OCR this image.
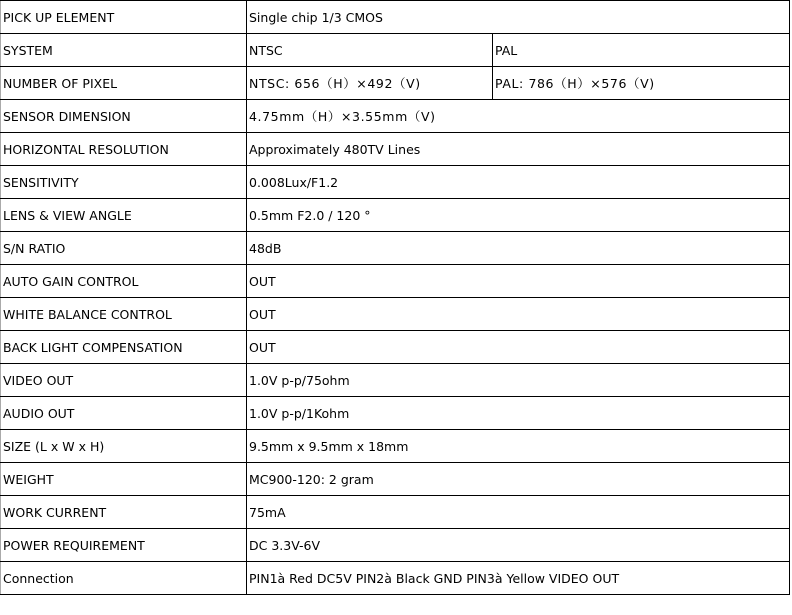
PICK UP ELEMENT	Single chip 1/3 CMOS	
SYSTEM	NTSC	PAL
NUMBER OF PIXEL	NTSC: 656（H）×492（V)	PAL: 786（H）×576（V)
SENSOR DIMENSION	4.75mm（H）×3.55mm（V)	
HORIZONTAL RESOLUTION	Approximately 480TV Lines	
SENSITIVITY	0.008Lux/F1.2	
LENS & VIEW ANGLE	0.5mm F2.0 / 120 °	
S/N RATIO	48dB	
AUTO GAIN CONTROL	OUT	
WHITE BALANCE CONTROL	OUT	
BACK LIGHT COMPENSATION	OUT	
VIDEO OUT	1.0V p-p/75ohm	
AUDIO OUT	1.0V p-p/1Kohm	
SIZE (L x W x H)	9.5mm x 9.5mm x 18mm	
WEIGHT	MC900-120: 2 gram	
WORK CURRENT	75mA	
POWER REQUIREMENT	DC 3.3V-6V	
Connection	PIN1à Red DC5V PIN2à Black GND PIN3à Yellow VIDEO OUT	
